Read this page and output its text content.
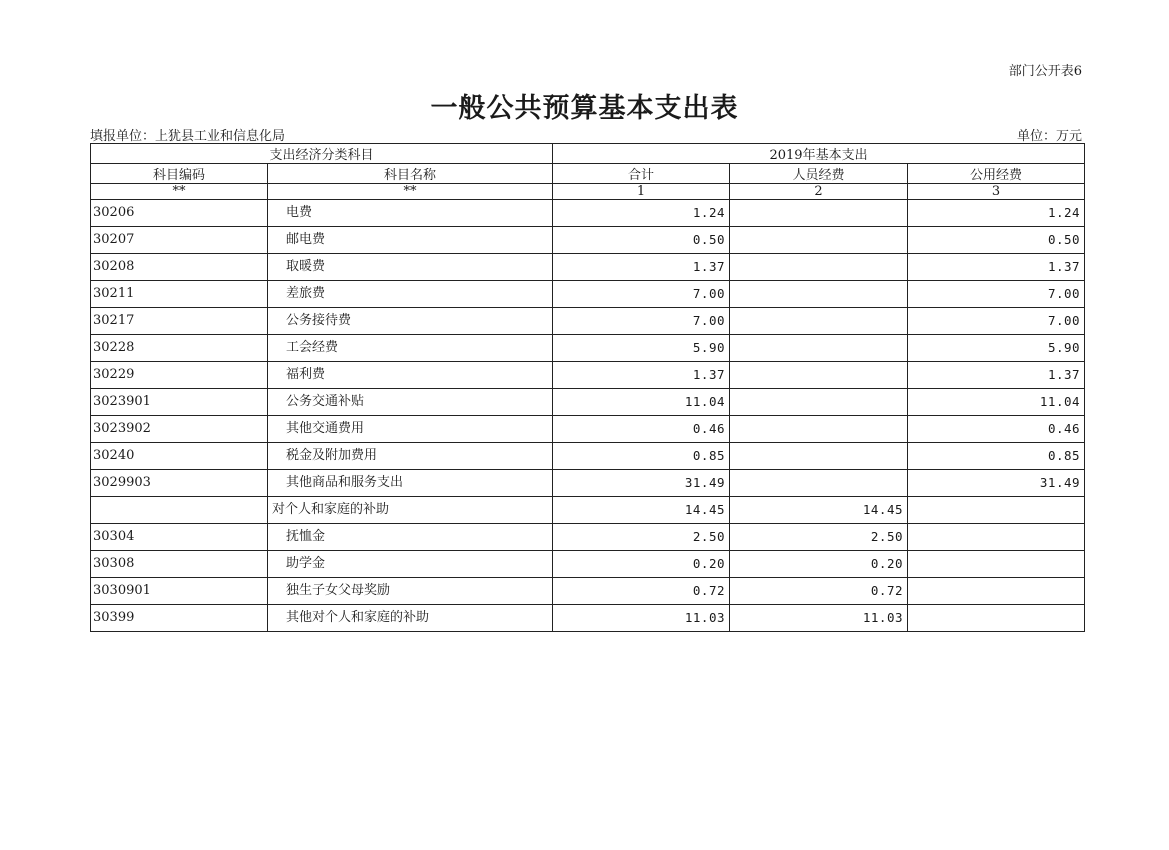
部门公开表6
一般公共预算基本支出表
填报单位：上犹县工业和信息化局	单位：万元
支出经济分类科目		2019年基本支出		
科目编码	科目名称	合计	人员经费	公用经费
**	**	1	2	3
30206	电费	1.24		1.24
30207	邮电费	0.50		0.50
30208	取暖费	1.37		1.37
30211	差旅费	7.00		7.00
30217	公务接待费	7.00		7.00
30228	工会经费	5.90		5.90
30229	福利费	1.37		1.37
3023901	公务交通补贴	11.04		11.04
3023902	其他交通费用	0.46		0.46
30240	税金及附加费用	0.85		0.85
3029903	其他商品和服务支出	31.49		31.49
	对个人和家庭的补助	14.45	14.45	
30304	抚恤金	2.50	2.50	
30308	助学金	0.20	0.20	
3030901	独生子女父母奖励	0.72	0.72	
30399	其他对个人和家庭的补助	11.03	11.03	
